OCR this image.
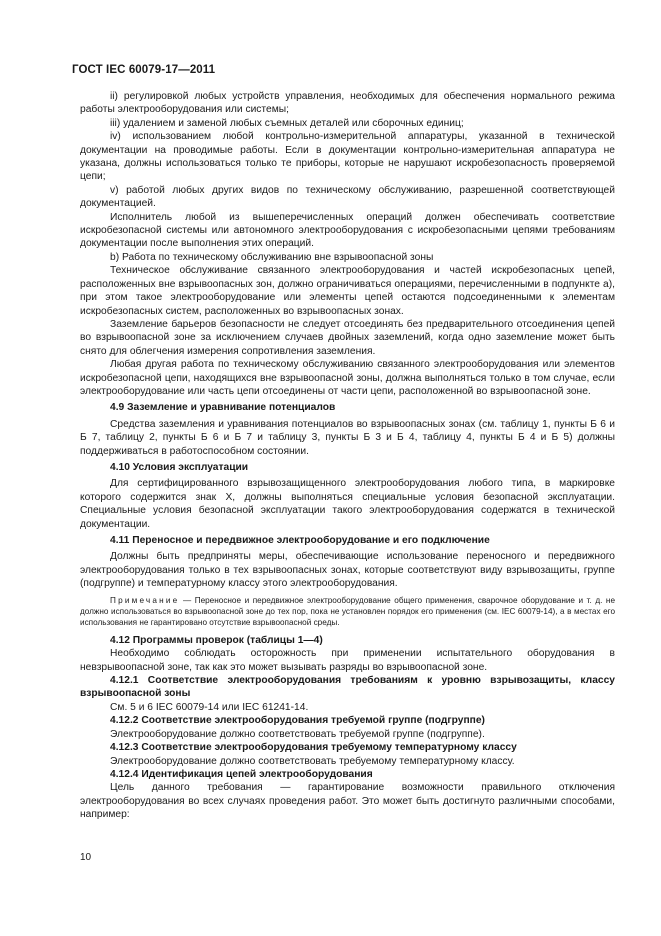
ГОСТ IEC 60079-17—2011

ii) регулировкой любых устройств управления, необходимых для обеспечения нормального режима работы электрооборудования или системы;

iii) удалением и заменой любых съемных деталей или сборочных единиц;

iv) использованием любой контрольно-измерительной аппаратуры, указанной в технической документации на проводимые работы. Если в документации контрольно-измерительная аппаратура не указана, должны использоваться только те приборы, которые не нарушают искробезопасность проверяемой цепи;

v) работой любых других видов по техническому обслуживанию, разрешенной соответствующей документацией.

Исполнитель любой из вышеперечисленных операций должен обеспечивать соответствие искробезопасной системы или автономного электрооборудования с искробезопасными цепями требованиям документации после выполнения этих операций.

b) Работа по техническому обслуживанию вне взрывоопасной зоны

Техническое обслуживание связанного электрооборудования и частей искробезопасных цепей, расположенных вне взрывоопасных зон, должно ограничиваться операциями, перечисленными в подпункте а), при этом такое электрооборудование или элементы цепей остаются подсоединенными к элементам искробезопасных систем, расположенных во взрывоопасных зонах.

Заземление барьеров безопасности не следует отсоединять без предварительного отсоединения цепей во взрывоопасной зоне за исключением случаев двойных заземлений, когда одно заземление может быть снято для облегчения измерения сопротивления заземления.

Любая другая работа по техническому обслуживанию связанного электрооборудования или элементов искробезопасной цепи, находящихся вне взрывоопасной зоны, должна выполняться только в том случае, если электрооборудование или часть цепи отсоединены от части цепи, расположенной во взрывоопасной зоне.

4.9 Заземление и уравнивание потенциалов

Средства заземления и уравнивания потенциалов во взрывоопасных зонах (см. таблицу 1, пункты Б 6 и Б 7, таблицу 2, пункты Б 6 и Б 7 и таблицу 3, пункты Б 3 и Б 4, таблицу 4, пункты Б 4 и Б 5) должны поддерживаться в работоспособном состоянии.

4.10 Условия эксплуатации

Для сертифицированного взрывозащищенного электрооборудования любого типа, в маркировке которого содержится знак X, должны выполняться специальные условия безопасной эксплуатации. Специальные условия безопасной эксплуатации такого электрооборудования содержатся в технической документации.

4.11 Переносное и передвижное электрооборудование и его подключение

Должны быть предприняты меры, обеспечивающие использование переносного и передвижного электрооборудования только в тех взрывоопасных зонах, которые соответствуют виду взрывозащиты, группе (подгруппе) и температурному классу этого электрооборудования.

Примечание — Переносное и передвижное электрооборудование общего применения, сварочное оборудование и т. д. не должно использоваться во взрывоопасной зоне до тех пор, пока не установлен порядок его применения (см. IEC 60079-14), а в местах его использования не гарантировано отсутствие взрывоопасной среды.

4.12 Программы проверок (таблицы 1—4)

Необходимо соблюдать осторожность при применении испытательного оборудования в невзрывоопасной зоне, так как это может вызывать разряды во взрывоопасной зоне.

4.12.1 Соответствие электрооборудования требованиям к уровню взрывозащиты, классу взрывоопасной зоны

См. 5 и 6 IEC 60079-14 или IEC 61241-14.

4.12.2 Соответствие электрооборудования требуемой группе (подгруппе)

Электрооборудование должно соответствовать требуемой группе (подгруппе).

4.12.3 Соответствие электрооборудования требуемому температурному классу

Электрооборудование должно соответствовать требуемому температурному классу.

4.12.4 Идентификация цепей электрооборудования

Цель данного требования — гарантирование возможности правильного отключения электрооборудования во всех случаях проведения работ. Это может быть достигнуто различными способами, например:

10
